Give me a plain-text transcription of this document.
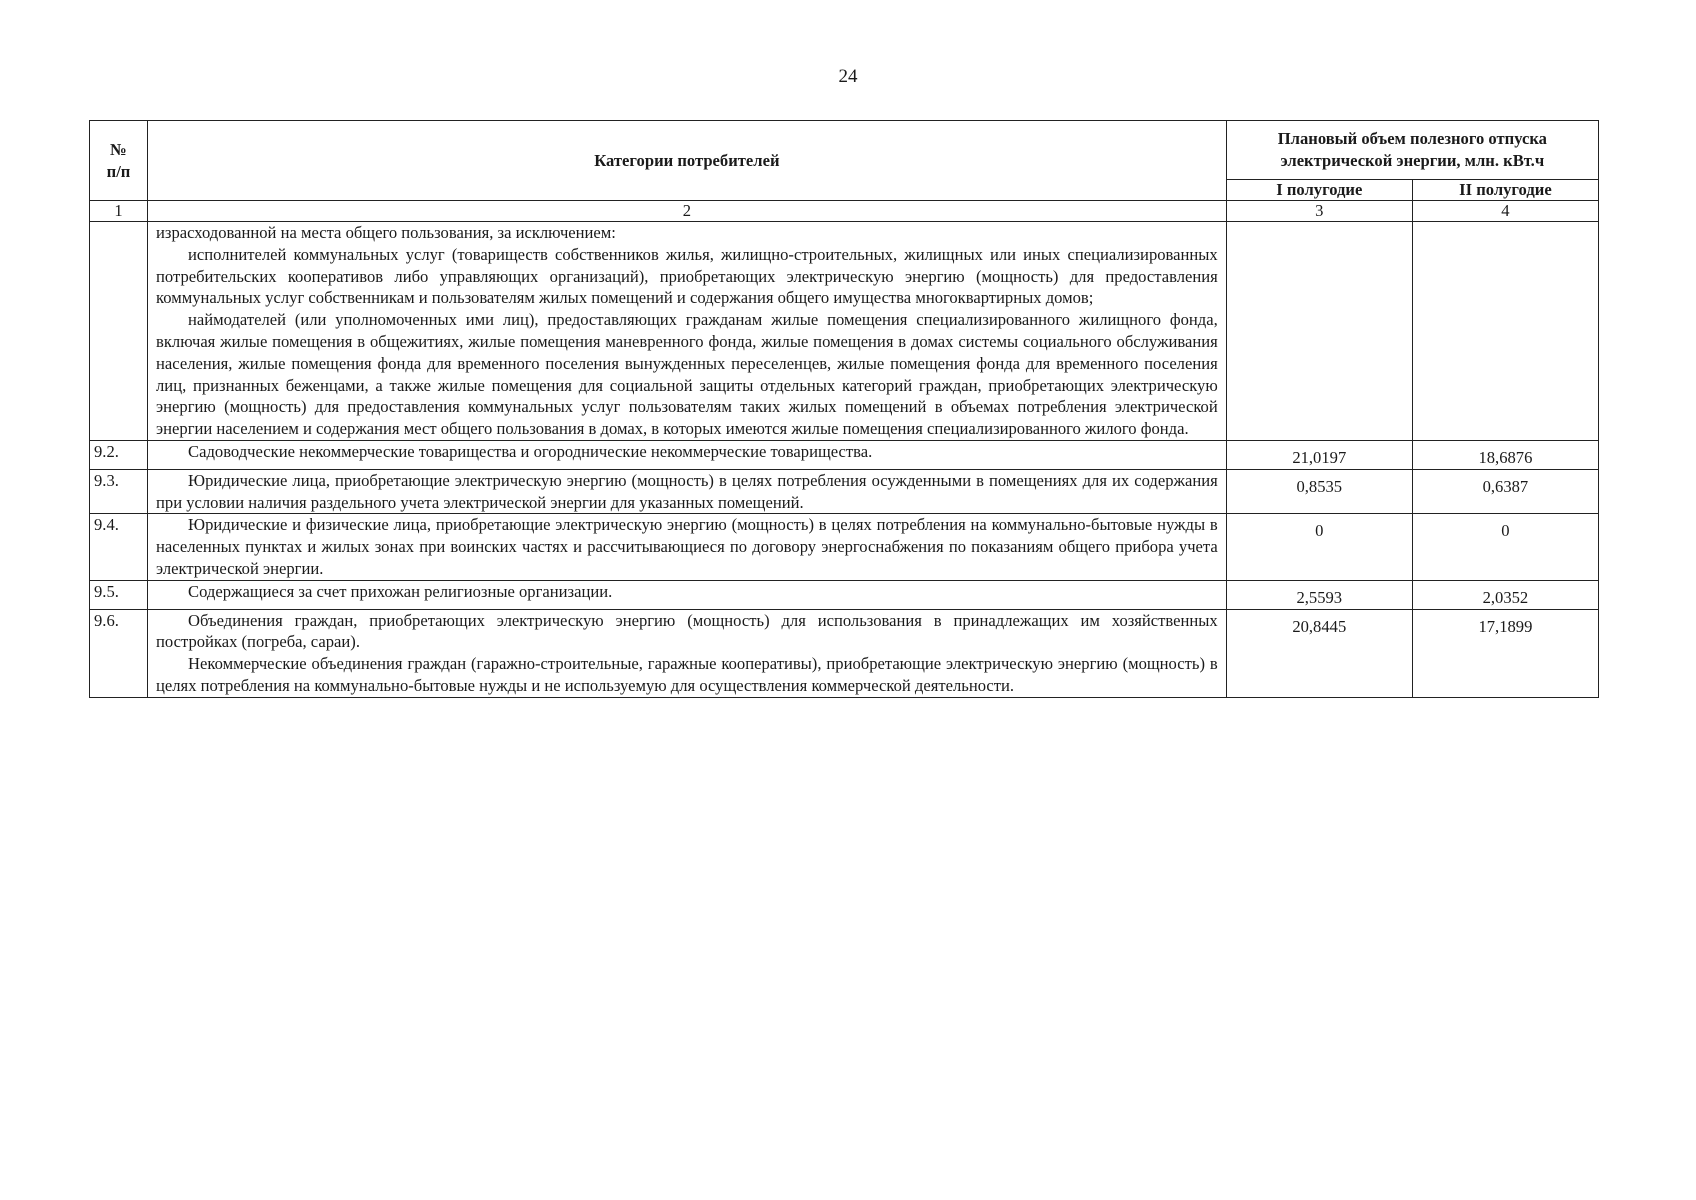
24
№
п/п	Категории потребителей	Плановый объем полезного отпуска электрической энергии, млн. кВт.ч	
		I полугодие	II полугодие
1	2	3	4

	израсходованной на места общего пользования, за исключением:

исполнителей коммунальных услуг (товариществ собственников жилья, жилищно-строительных, жилищных или иных специализированных потребительских кооперативов либо управляющих организаций), приобретающих электрическую энергию (мощность) для предоставления коммунальных услуг собственникам и пользователям жилых помещений и содержания общего имущества многоквартирных домов;

наймодателей (или уполномоченных ими лиц), предоставляющих гражданам жилые помещения специализированного жилищного фонда, включая жилые помещения в общежитиях, жилые помещения маневренного фонда, жилые помещения в домах системы социального обслуживания населения, жилые помещения фонда для временного поселения вынужденных переселенцев, жилые помещения фонда для временного поселения лиц, признанных беженцами, а также жилые помещения для социальной защиты отдельных категорий граждан, приобретающих электрическую энергию (мощность) для предоставления коммунальных услуг пользователям таких жилых помещений в объемах потребления электрической энергии населением и содержания мест общего пользования в домах, в которых имеются жилые помещения специализированного жилого фонда.		

9.2.	Садоводческие некоммерческие товарищества и огороднические некоммерческие товарищества.	21,0197	18,6876
9.3.	Юридические лица, приобретающие электрическую энергию (мощность) в целях потребления осужденными в помещениях для их содержания при условии наличия раздельного учета электрической энергии для указанных помещений.	0,8535	0,6387
9.4.	Юридические и физические лица, приобретающие электрическую энергию (мощность) в целях потребления на коммунально-бытовые нужды в населенных пунктах и жилых зонах при воинских частях и рассчитывающиеся по договору энергоснабжения по показаниям общего прибора учета электрической энергии.	0	0
9.5.	Содержащиеся за счет прихожан религиозные организации.	2,5593	2,0352
9.6.	Объединения граждан, приобретающих электрическую энергию (мощность) для использования в принадлежащих им хозяйственных постройках (погреба, сараи).

Некоммерческие объединения граждан (гаражно-строительные, гаражные кооперативы), приобретающие электрическую энергию (мощность) в целях потребления на коммунально-бытовые нужды и не используемую для осуществления коммерческой деятельности.	20,8445	17,1899
